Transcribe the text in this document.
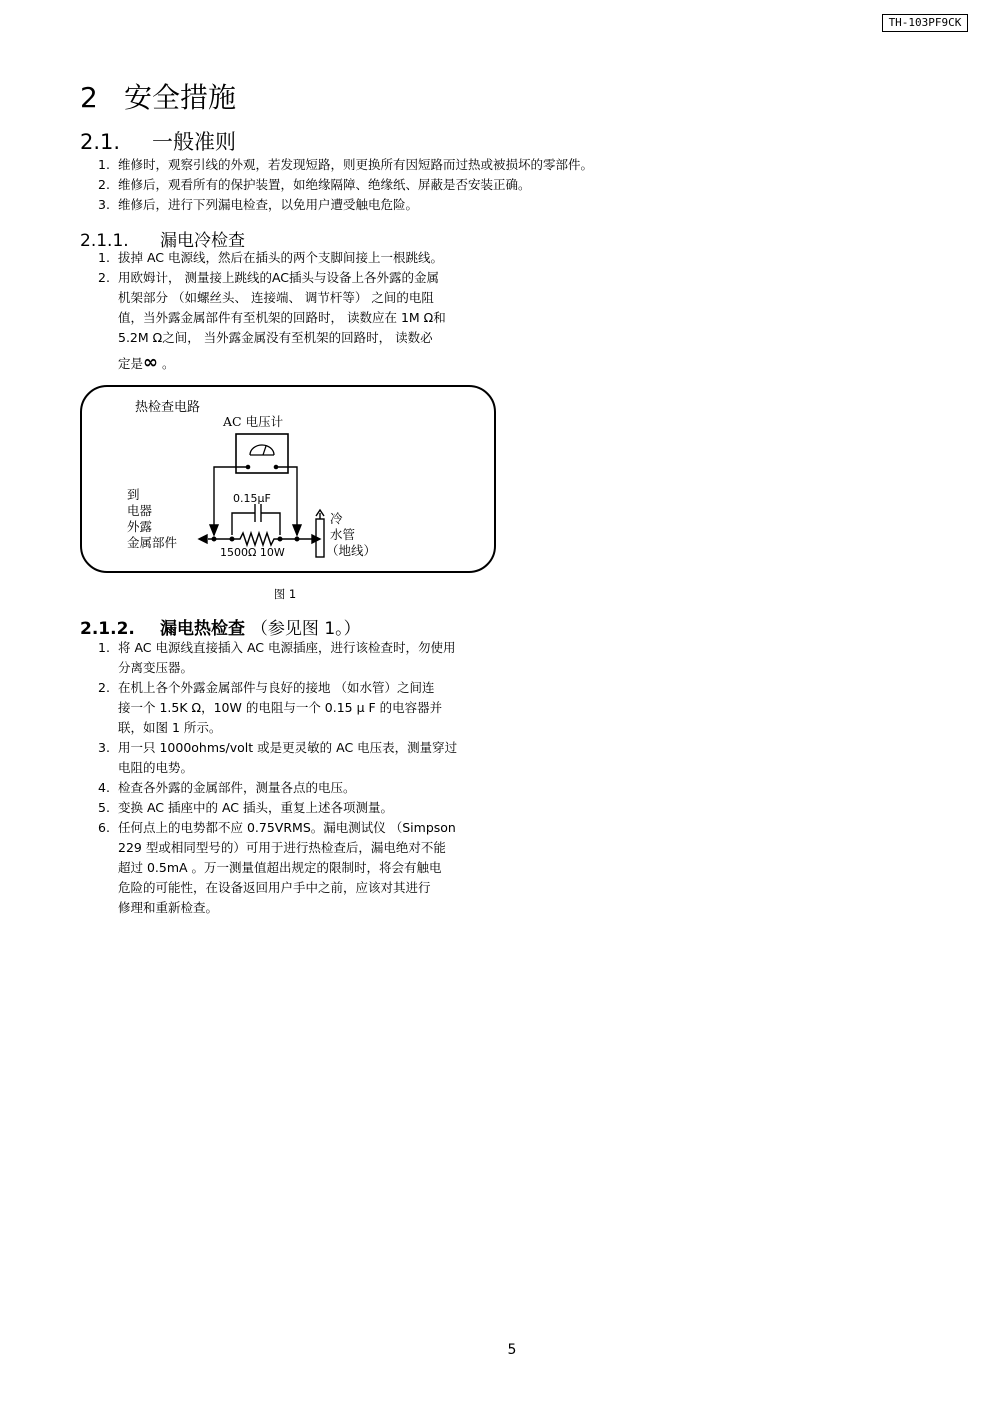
TH-103PF9CK
2 安全措施
2.1. 一般准则
1. 维修时，观察引线的外观，若发现短路，则更换所有因短路而过热或被损坏的零部件。
2. 维修后，观看所有的保护装置，如绝缘隔障、绝缘纸、屏蔽是否安装正确。
3. 维修后，进行下列漏电检查，以免用户遭受触电危险。
2.1.1. 漏电冷检查
1. 拔掉 AC 电源线，然后在插头的两个支脚间接上一根跳线。
2. 用欧姆计， 测量接上跳线的AC插头与设备上各外露的金属
机架部分 （如螺丝头、 连接端、 调节杆等） 之间的电阻
值，当外露金属部件有至机架的回路时， 读数应在 1M Ω和
5.2M Ω之间， 当外露金属没有至机架的回路时， 读数必
定是∞ 。
热检查电路
AC 电压计
0.15μF
1500Ω 10W
到
电器
外露
金属部件
冷
水管
（地线）
图 1
2.1.2. 漏电热检查 （参见图 1。）
1. 将 AC 电源线直接插入 AC 电源插座，进行该检查时，勿使用
分离变压器。
2. 在机上各个外露金属部件与良好的接地 （如水管）之间连
接一个 1.5K Ω，10W 的电阻与一个 0.15 μ F 的电容器并
联，如图 1 所示。
3. 用一只 1000ohms/volt 或是更灵敏的 AC 电压表，测量穿过
电阻的电势。
4. 检查各外露的金属部件，测量各点的电压。
5. 变换 AC 插座中的 AC 插头，重复上述各项测量。
6. 任何点上的电势都不应 0.75VRMS。漏电测试仪 （Simpson
229 型或相同型号的）可用于进行热检查后，漏电绝对不能
超过 0.5mA 。万一测量值超出规定的限制时，将会有触电
危险的可能性，在设备返回用户手中之前，应该对其进行
修理和重新检查。
5
